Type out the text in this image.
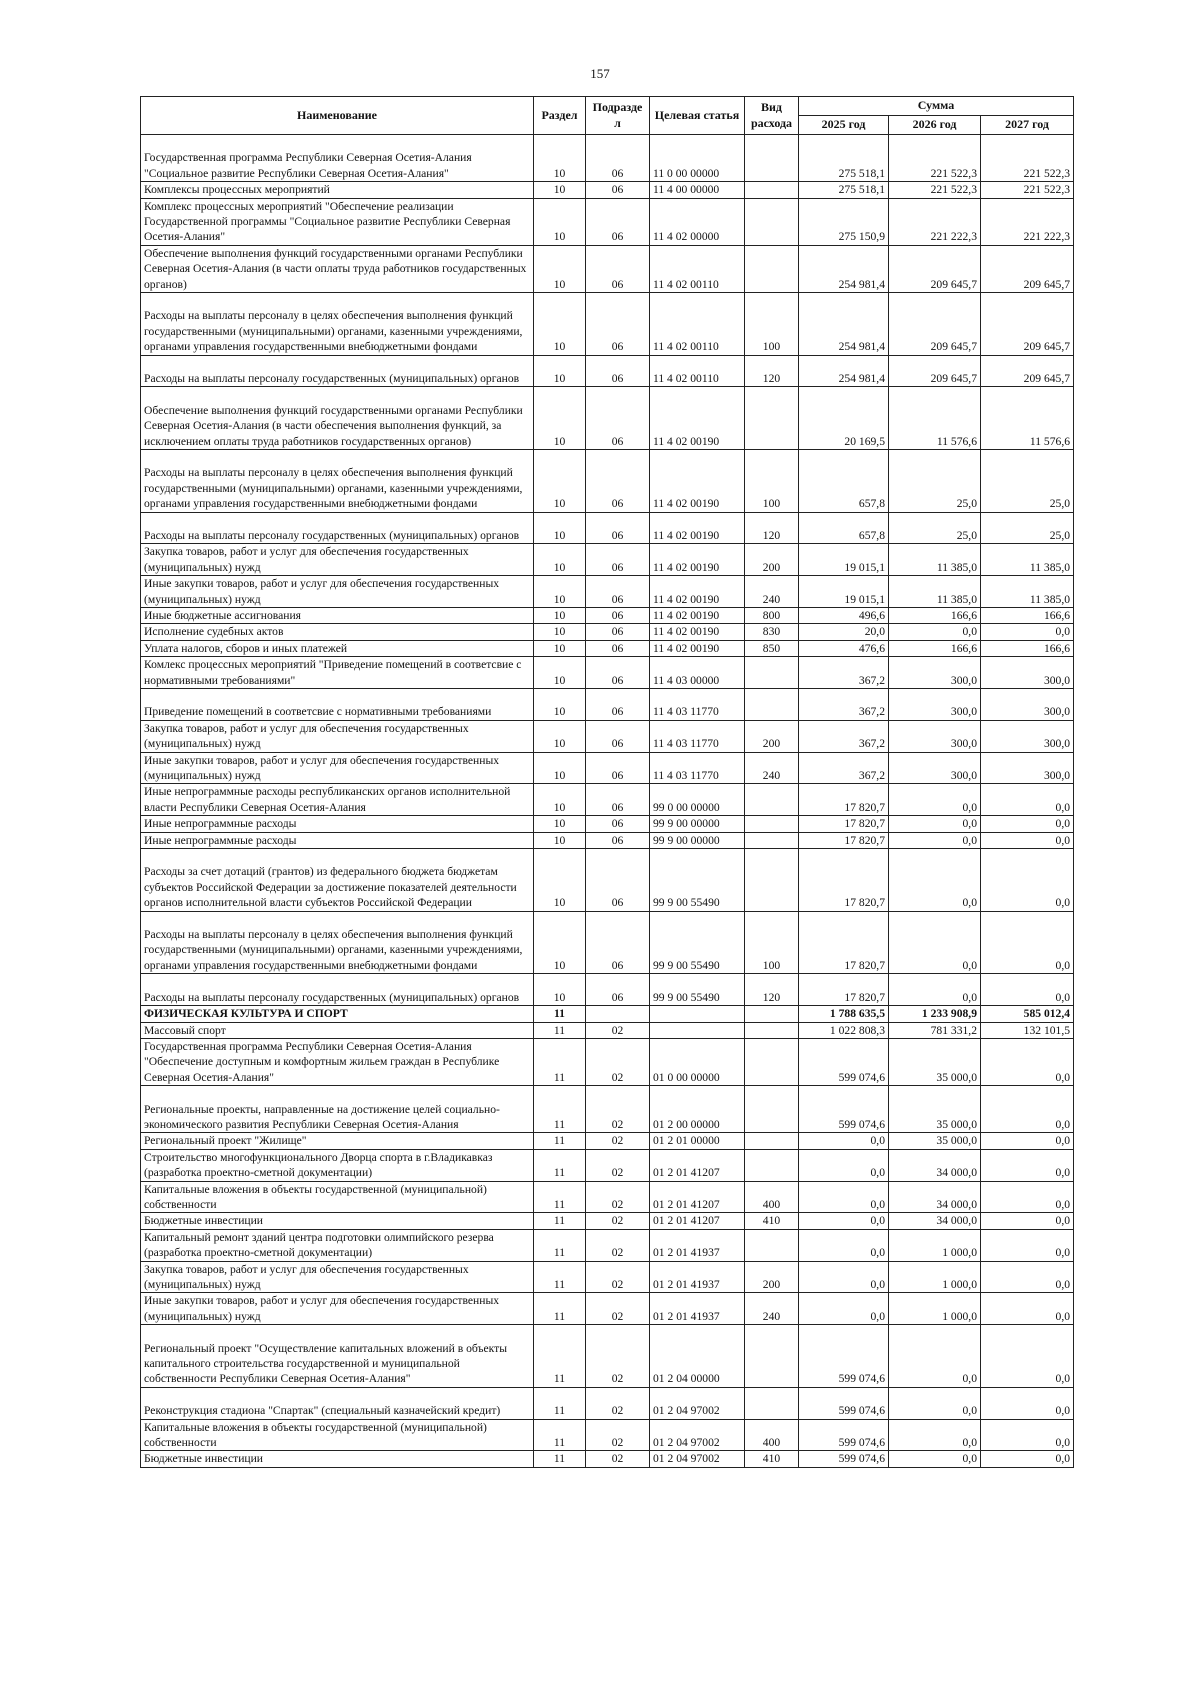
157
Наименование	Раздел	Подразде л	Целевая статья	Вид расхода	Сумма		
					2025 год	2026 год	2027 год
Государственная программа Республики Северная Осетия-Алания "Социальное развитие Республики Северная Осетия-Алания"	10	06	11 0 00 00000		275 518,1	221 522,3	221 522,3
Комплексы процессных мероприятий	10	06	11 4 00 00000		275 518,1	221 522,3	221 522,3
Комплекс процессных мероприятий "Обеспечение реализации Государственной программы "Социальное развитие Республики Северная Осетия-Алания"	10	06	11 4 02 00000		275 150,9	221 222,3	221 222,3
Обеспечение выполнения функций государственными органами Республики Северная Осетия-Алания (в части оплаты труда работников государственных органов)	10	06	11 4 02 00110		254 981,4	209 645,7	209 645,7
Расходы на выплаты персоналу в целях обеспечения выполнения функций государственными (муниципальными) органами, казенными учреждениями, органами управления государственными внебюджетными фондами	10	06	11 4 02 00110	100	254 981,4	209 645,7	209 645,7
Расходы на выплаты персоналу государственных (муниципальных) органов	10	06	11 4 02 00110	120	254 981,4	209 645,7	209 645,7
Обеспечение выполнения функций государственными органами Республики Северная Осетия-Алания (в части обеспечения выполнения функций, за исключением оплаты труда работников государственных органов)	10	06	11 4 02 00190		20 169,5	11 576,6	11 576,6
Расходы на выплаты персоналу в целях обеспечения выполнения функций государственными (муниципальными) органами, казенными учреждениями, органами управления государственными внебюджетными фондами	10	06	11 4 02 00190	100	657,8	25,0	25,0
Расходы на выплаты персоналу государственных (муниципальных) органов	10	06	11 4 02 00190	120	657,8	25,0	25,0
Закупка товаров, работ и услуг для обеспечения государственных (муниципальных) нужд	10	06	11 4 02 00190	200	19 015,1	11 385,0	11 385,0
Иные закупки товаров, работ и услуг для обеспечения государственных (муниципальных) нужд	10	06	11 4 02 00190	240	19 015,1	11 385,0	11 385,0
Иные бюджетные ассигнования	10	06	11 4 02 00190	800	496,6	166,6	166,6
Исполнение судебных актов	10	06	11 4 02 00190	830	20,0	0,0	0,0
Уплата налогов, сборов и иных платежей	10	06	11 4 02 00190	850	476,6	166,6	166,6
Комлекс процессных мероприятий "Приведение помещений в соответсвие с нормативными требованиями"	10	06	11 4 03 00000		367,2	300,0	300,0
Приведение помещений в соответсвие с нормативными требованиями	10	06	11 4 03 11770		367,2	300,0	300,0
Закупка товаров, работ и услуг для обеспечения государственных (муниципальных) нужд	10	06	11 4 03 11770	200	367,2	300,0	300,0
Иные закупки товаров, работ и услуг для обеспечения государственных (муниципальных) нужд	10	06	11 4 03 11770	240	367,2	300,0	300,0
Иные непрограммные расходы республиканских органов исполнительной власти Республики Северная Осетия-Алания	10	06	99 0 00 00000		17 820,7	0,0	0,0
Иные непрограммные расходы	10	06	99 9 00 00000		17 820,7	0,0	0,0
Иные непрограммные расходы	10	06	99 9 00 00000		17 820,7	0,0	0,0
Расходы за счет дотаций (грантов) из федерального бюджета бюджетам субъектов Российской Федерации за достижение показателей деятельности органов исполнительной власти субъектов Российской Федерации	10	06	99 9 00 55490		17 820,7	0,0	0,0
Расходы на выплаты персоналу в целях обеспечения выполнения функций государственными (муниципальными) органами, казенными учреждениями, органами управления государственными внебюджетными фондами	10	06	99 9 00 55490	100	17 820,7	0,0	0,0
Расходы на выплаты персоналу государственных (муниципальных) органов	10	06	99 9 00 55490	120	17 820,7	0,0	0,0
ФИЗИЧЕСКАЯ КУЛЬТУРА И СПОРТ	11				1 788 635,5	1 233 908,9	585 012,4
Массовый спорт	11	02			1 022 808,3	781 331,2	132 101,5
Государственная программа Республики Северная Осетия-Алания "Обеспечение доступным и комфортным жильем граждан в Республике Северная Осетия-Алания"	11	02	01 0 00 00000		599 074,6	35 000,0	0,0
Региональные проекты, направленные на достижение целей социально-экономического развития Республики Северная Осетия-Алания	11	02	01 2 00 00000		599 074,6	35 000,0	0,0
Региональный проект "Жилище"	11	02	01 2 01 00000		0,0	35 000,0	0,0
Строительство многофункционального Дворца спорта в г.Владикавказ (разработка проектно-сметной документации)	11	02	01 2 01 41207		0,0	34 000,0	0,0
Капитальные вложения в объекты государственной (муниципальной) собственности	11	02	01 2 01 41207	400	0,0	34 000,0	0,0
Бюджетные инвестиции	11	02	01 2 01 41207	410	0,0	34 000,0	0,0
Капитальный ремонт зданий центра подготовки олимпийского резерва (разработка проектно-сметной документации)	11	02	01 2 01 41937		0,0	1 000,0	0,0
Закупка товаров, работ и услуг для обеспечения государственных (муниципальных) нужд	11	02	01 2 01 41937	200	0,0	1 000,0	0,0
Иные закупки товаров, работ и услуг для обеспечения государственных (муниципальных) нужд	11	02	01 2 01 41937	240	0,0	1 000,0	0,0
Региональный проект "Осуществление капитальных вложений в объекты капитального строительства государственной и муниципальной собственности Республики Северная Осетия-Алания"	11	02	01 2 04 00000		599 074,6	0,0	0,0
Реконструкция стадиона "Спартак" (специальный казначейский кредит)	11	02	01 2 04 97002		599 074,6	0,0	0,0
Капитальные вложения в объекты государственной (муниципальной) собственности	11	02	01 2 04 97002	400	599 074,6	0,0	0,0
Бюджетные инвестиции	11	02	01 2 04 97002	410	599 074,6	0,0	0,0
